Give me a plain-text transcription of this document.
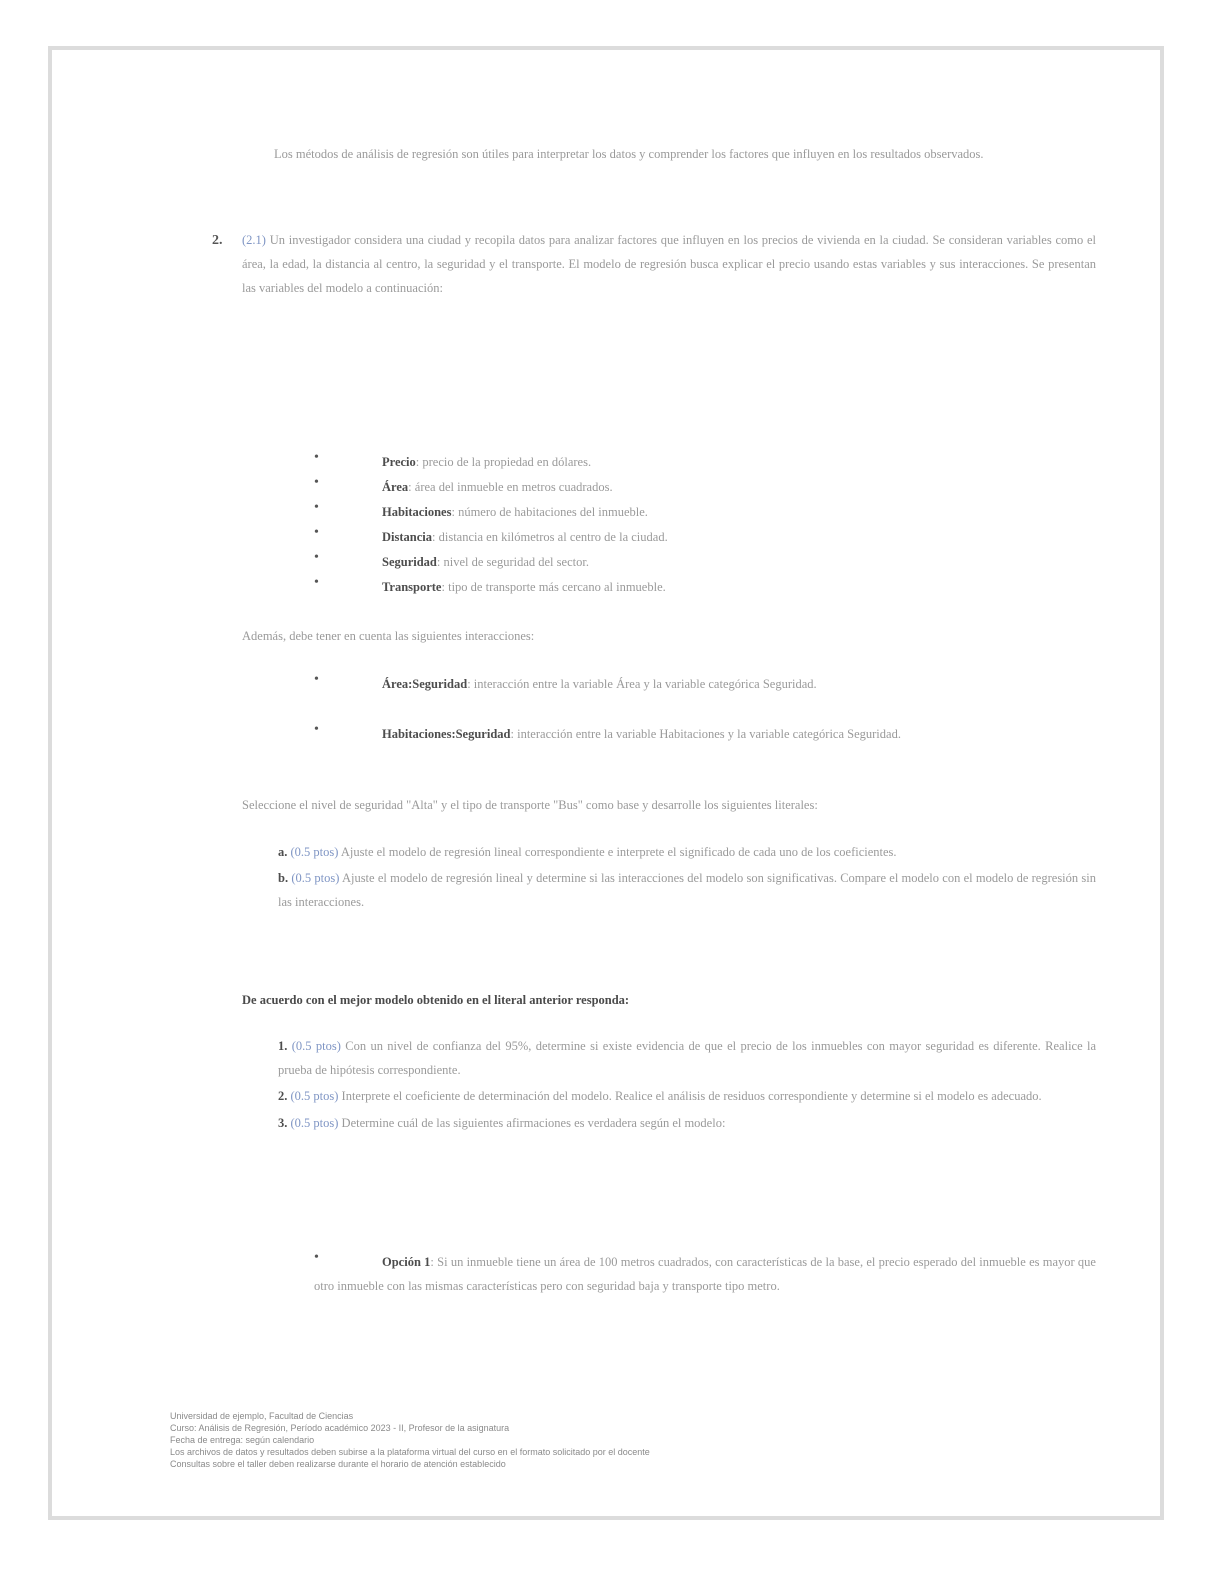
Los métodos de análisis de regresión son útiles para interpretar los datos y comprender los factores que influyen en los resultados observados.
2. (2.1) Un investigador considera una ciudad y recopila datos para analizar factores que influyen en los precios de vivienda en la ciudad. Se consideran variables como el área, la edad, la distancia al centro, la seguridad y el transporte. El modelo de regresión busca explicar el precio usando estas variables y sus interacciones. Se presentan las variables del modelo a continuación:
•	Precio: precio de la propiedad en dólares.
•	Área: área del inmueble en metros cuadrados.
•	Habitaciones: número de habitaciones del inmueble.
•	Distancia: distancia en kilómetros al centro de la ciudad.
•	Seguridad: nivel de seguridad del sector.
•	Transporte: tipo de transporte más cercano al inmueble.
Además, debe tener en cuenta las siguientes interacciones:
•	Área:Seguridad: interacción entre la variable Área y la variable categórica Seguridad.
•	Habitaciones:Seguridad: interacción entre la variable Habitaciones y la variable categórica Seguridad.
Seleccione el nivel de seguridad "Alta" y el tipo de transporte "Bus" como base y desarrolle los siguientes literales:
a. (0.5 ptos) Ajuste el modelo de regresión lineal correspondiente e interprete el significado de cada uno de los coeficientes.
b. (0.5 ptos) Ajuste el modelo de regresión lineal y determine si las interacciones del modelo son significativas. Compare el modelo con el modelo de regresión sin las interacciones.
De acuerdo con el mejor modelo obtenido en el literal anterior responda:
1. (0.5 ptos) Con un nivel de confianza del 95%, determine si existe evidencia de que el precio de los inmuebles con mayor seguridad es diferente. Realice la prueba de hipótesis correspondiente.
2. (0.5 ptos) Interprete el coeficiente de determinación del modelo. Realice el análisis de residuos correspondiente y determine si el modelo es adecuado.
3. (0.5 ptos) Determine cuál de las siguientes afirmaciones es verdadera según el modelo:
•	Opción 1: Si un inmueble tiene un área de 100 metros cuadrados, con características de la base, el precio esperado del inmueble es mayor que otro inmueble con las mismas características pero con seguridad baja y transporte tipo metro.
Universidad de ejemplo, Facultad de Ciencias
Curso: Análisis de Regresión, Período académico 2023 - II, Profesor de la asignatura
Fecha de entrega: según calendario
Los archivos de datos y resultados deben subirse a la plataforma virtual del curso en el formato solicitado por el docente
Consultas sobre el taller deben realizarse durante el horario de atención establecido
